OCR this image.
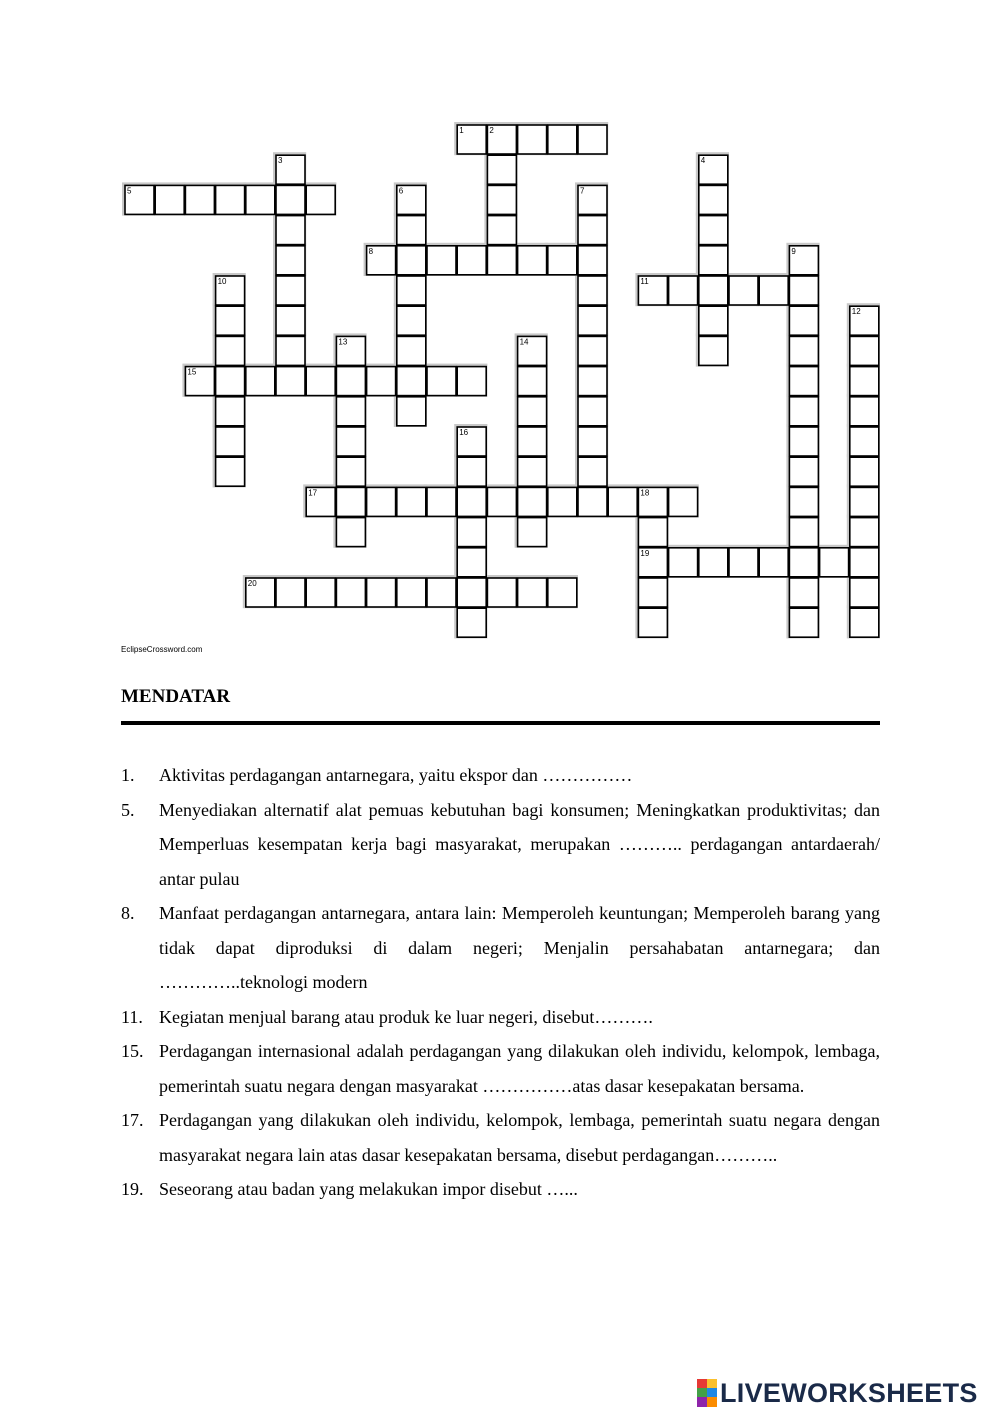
1	2
3	4
5	6	7
8	9
10	11
12
13	14
15
16
17	18
19
20
EclipseCrossword.com
MENDATAR
1.	Aktivitas perdagangan antarnegara, yaitu ekspor dan ……………
5.	Menyediakan alternatif alat pemuas kebutuhan bagi konsumen; Meningkatkan produktivitas; dan Memperluas kesempatan kerja bagi masyarakat, merupakan ……….. perdagangan antardaerah/ antar pulau
8.	Manfaat perdagangan antarnegara, antara lain: Memperoleh keuntungan; Memperoleh barang yang tidak dapat diproduksi di dalam negeri; Menjalin persahabatan antarnegara; dan …………..teknologi modern
11. Kegiatan menjual barang atau produk ke luar negeri, disebut……….
15. Perdagangan internasional adalah perdagangan yang dilakukan oleh individu, kelompok, lembaga, pemerintah suatu negara dengan masyarakat ……………atas dasar kesepakatan bersama.
17. Perdagangan yang dilakukan oleh individu, kelompok, lembaga, pemerintah suatu negara dengan masyarakat negara lain atas dasar kesepakatan bersama, disebut perdagangan………..
19. Seseorang atau badan yang melakukan impor disebut …...
LIVEWORKSHEETS
